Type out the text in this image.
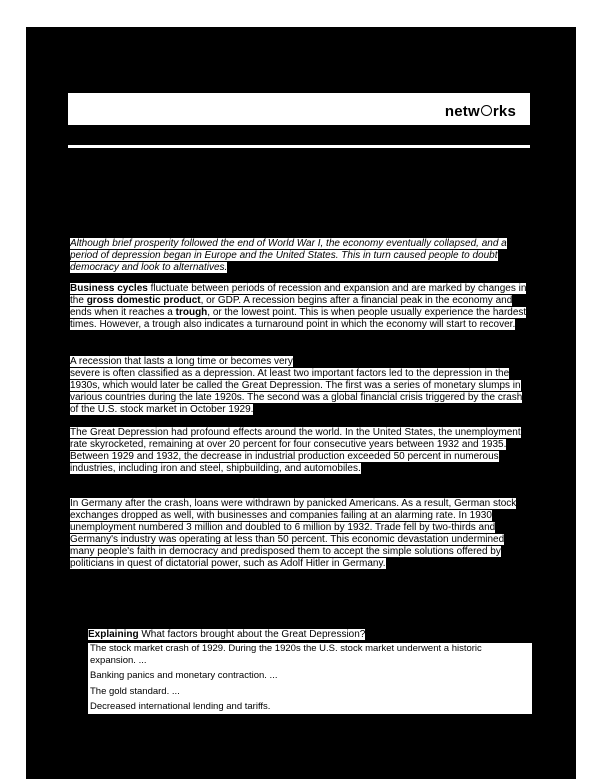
netw rks
Although brief prosperity followed the end of World War I, the economy eventually collapsed, and a period of depression began in Europe and the United States. This in turn caused people to doubt democracy and look to alternatives.
Business cycles fluctuate between periods of recession and expansion and are marked by changes in the gross domestic product, or GDP. A recession begins after a financial peak in the economy and ends when it reaches a trough, or the lowest point. This is when people usually experience the hardest times. However, a trough also indicates a turnaround point in which the economy will start to recover.
A recession that lasts a long time or becomes very
severe is often classified as a depression. At least two important factors led to the depression in the 1930s, which would later be called the Great Depression. The first was a series of monetary slumps in various countries during the late 1920s. The second was a global financial crisis triggered by the crash of the U.S. stock market in October 1929.
The Great Depression had profound effects around the world. In the United States, the unemployment rate skyrocketed, remaining at over 20 percent for four consecutive years between 1932 and 1935. Between 1929 and 1932, the decrease in industrial production exceeded 50 percent in numerous industries, including iron and steel, shipbuilding, and automobiles.
In Germany after the crash, loans were withdrawn by panicked Americans. As a result, German stock exchanges dropped as well, with businesses and companies failing at an alarming rate. In 1930 unemployment numbered 3 million and doubled to 6 million by 1932. Trade fell by two-thirds and Germany's industry was operating at less than 50 percent. This economic devastation undermined many people's faith in democracy and predisposed them to accept the simple solutions offered by politicians in quest of dictatorial power, such as Adolf Hitler in Germany.
Explaining What factors brought about the Great Depression?
The stock market crash of 1929. During the 1920s the U.S. stock market underwent a historic expansion. ...
Banking panics and monetary contraction. ...
The gold standard. ...
Decreased international lending and tariffs.
